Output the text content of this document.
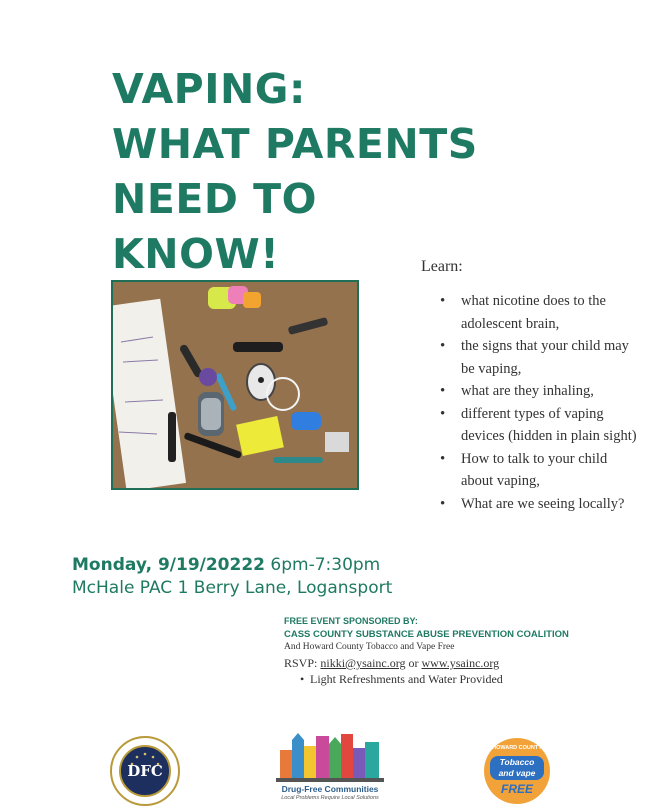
VAPING:
WHAT PARENTS
NEED TO
KNOW!	Learn:
• what nicotine does to the adolescent brain,
• the signs that your child may be vaping,
• what are they inhaling,
• different types of vaping devices (hidden in plain sight)
• How to talk to your child about vaping,
• What are we seeing locally?
Monday, 9/19/20222 6pm-7:30pm
McHale PAC 1 Berry Lane, Logansport
FREE EVENT SPONSORED BY:
CASS COUNTY SUBSTANCE ABUSE PREVENTION COALITION
And Howard County Tobacco and Vape Free
RSVP: nikki@ysainc.org or www.ysainc.org
• Light Refreshments and Water Provided
DFC
Drug-Free Communities
Local Problems Require Local Solutions
HOWARD COUNTY
Tobacco
and vape
FREE
